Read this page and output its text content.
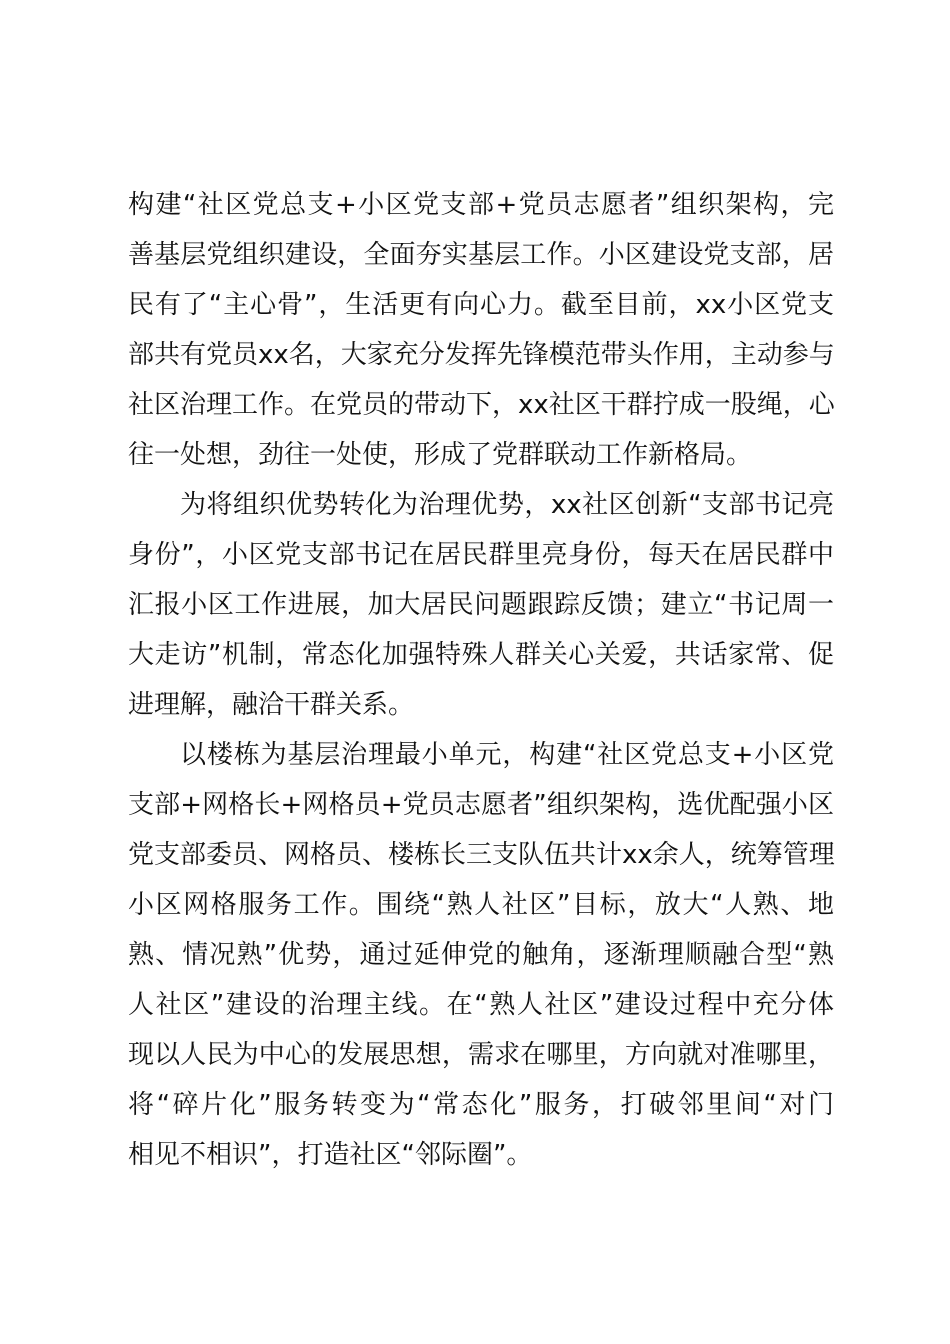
构建“社区党总支+小区党支部+党员志愿者”组织架构，完
善基层党组织建设，全面夯实基层工作。小区建设党支部，居
民有了“主心骨”，生活更有向心力。截至目前，xx小区党支
部共有党员xx名，大家充分发挥先锋模范带头作用，主动参与
社区治理工作。在党员的带动下，xx社区干群拧成一股绳，心
往一处想，劲往一处使，形成了党群联动工作新格局。
为将组织优势转化为治理优势，xx社区创新“支部书记亮
身份”，小区党支部书记在居民群里亮身份，每天在居民群中
汇报小区工作进展，加大居民问题跟踪反馈；建立“书记周一
大走访”机制，常态化加强特殊人群关心关爱，共话家常、促
进理解，融洽干群关系。
以楼栋为基层治理最小单元，构建“社区党总支+小区党
支部+网格长+网格员+党员志愿者”组织架构，选优配强小区
党支部委员、网格员、楼栋长三支队伍共计xx余人，统筹管理
小区网格服务工作。围绕“熟人社区”目标，放大“人熟、地
熟、情况熟”优势，通过延伸党的触角，逐渐理顺融合型“熟
人社区”建设的治理主线。在“熟人社区”建设过程中充分体
现以人民为中心的发展思想，需求在哪里，方向就对准哪里，
将“碎片化”服务转变为“常态化”服务，打破邻里间“对门
相见不相识”，打造社区“邻际圈”。
